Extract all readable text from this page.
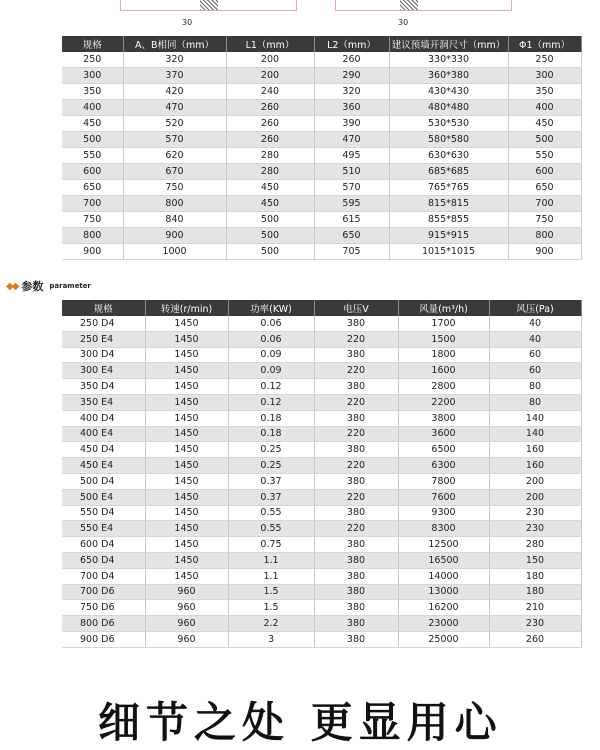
30	30
规格	A、B相同（mm）	L1（mm）	L2（mm）	建议预墙开洞尺寸（mm）	Φ1（mm）
250	320	200	260	330*330	250
300	370	200	290	360*380	300
350	420	240	320	430*430	350
400	470	260	360	480*480	400
450	520	260	390	530*530	450
500	570	260	470	580*580	500
550	620	280	495	630*630	550
600	670	280	510	685*685	600
650	750	450	570	765*765	650
700	800	450	595	815*815	700
750	840	500	615	855*855	750
800	900	500	650	915*915	800
900	1000	500	705	1015*1015	900
◆◆ 参数 parameter
规格	转速(r/min)	功率(KW)	电压V	风量(m³/h)	风压(Pa)
250 D4	1450	0.06	380	1700	40
250 E4	1450	0.06	220	1500	40
300 D4	1450	0.09	380	1800	60
300 E4	1450	0.09	220	1600	60
350 D4	1450	0.12	380	2800	80
350 E4	1450	0.12	220	2200	80
400 D4	1450	0.18	380	3800	140
400 E4	1450	0.18	220	3600	140
450 D4	1450	0.25	380	6500	160
450 E4	1450	0.25	220	6300	160
500 D4	1450	0.37	380	7800	200
500 E4	1450	0.37	220	7600	200
550 D4	1450	0.55	380	9300	230
550 E4	1450	0.55	220	8300	230
600 D4	1450	0.75	380	12500	280
650 D4	1450	1.1	380	16500	150
700 D4	1450	1.1	380	14000	180
700 D6	960	1.5	380	13000	180
750 D6	960	1.5	380	16200	210
800 D6	960	2.2	380	23000	230
900 D6	960	3	380	25000	260
细节之处 更显用心
